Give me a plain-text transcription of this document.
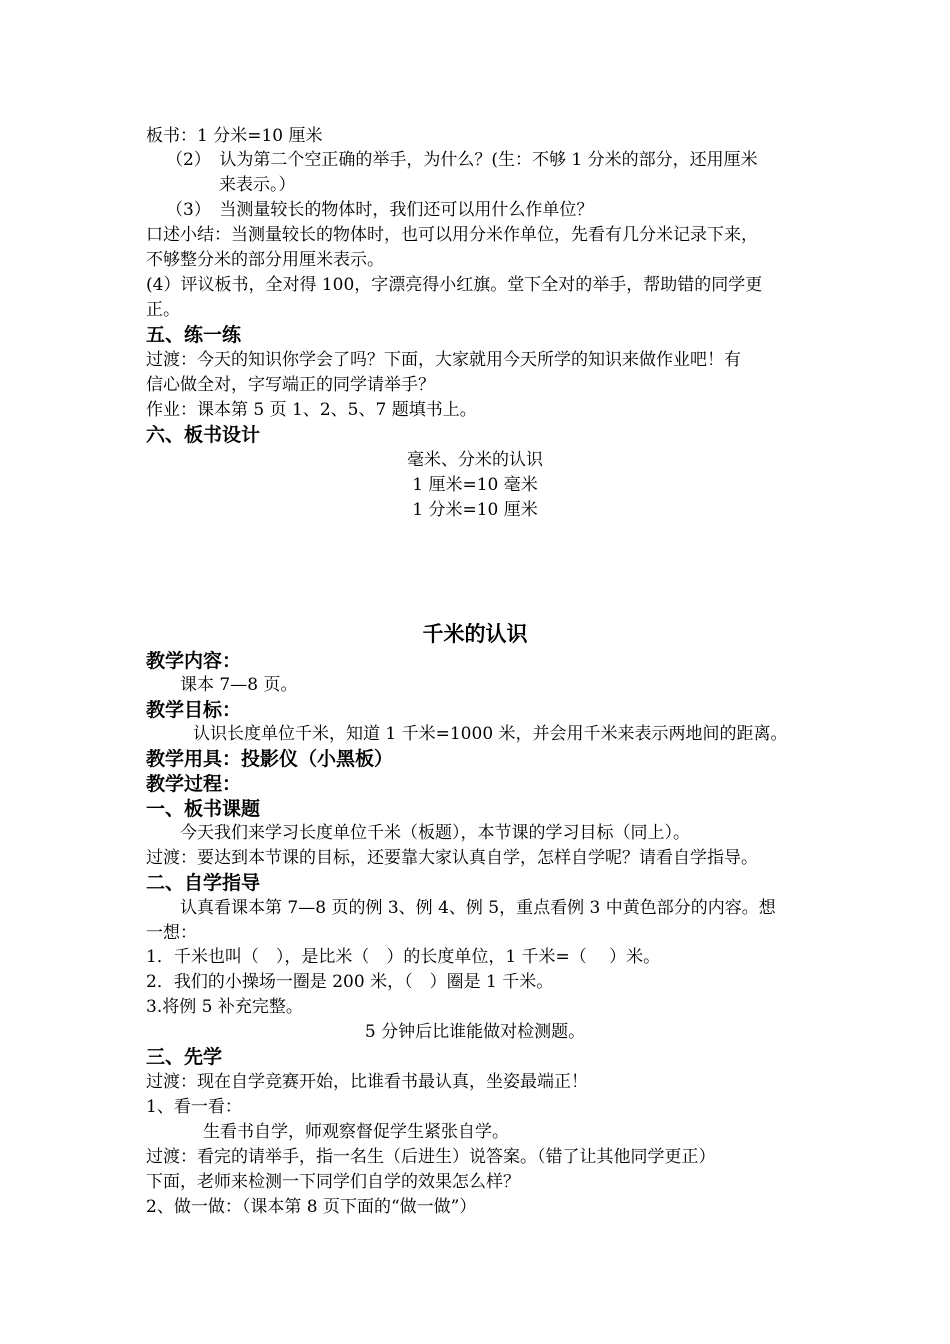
板书：1 分米=10 厘米
（2）　认为第二个空正确的举手，为什么？(生：不够 1 分米的部分，还用厘米
来表示。）
（3）　当测量较长的物体时，我们还可以用什么作单位？
口述小结：当测量较长的物体时，也可以用分米作单位，先看有几分米记录下来，
不够整分米的部分用厘米表示。
(4）评议板书，全对得 100，字漂亮得小红旗。堂下全对的举手，帮助错的同学更
正。
五、练一练
过渡：今天的知识你学会了吗？下面，大家就用今天所学的知识来做作业吧！有
信心做全对，字写端正的同学请举手？
作业：课本第 5 页 1、2、5、7 题填书上。
六、板书设计
毫米、分米的认识
1 厘米=10 毫米
1 分米=10 厘米
千米的认识
教学内容：
课本 7—8 页。
教学目标：
认识长度单位千米，知道 1 千米=1000 米，并会用千米来表示两地间的距离。
教学用具：投影仪（小黑板）
教学过程：
一、板书课题
今天我们来学习长度单位千米（板题），本节课的学习目标（同上）。
过渡：要达到本节课的目标，还要靠大家认真自学，怎样自学呢？请看自学指导。
二、自学指导
认真看课本第 7—8 页的例 3、例 4、例 5，重点看例 3 中黄色部分的内容。想
一想：
1．千米也叫（　），是比米（　）的长度单位，1 千米=（　 ）米。
2．我们的小操场一圈是 200 米，（　）圈是 1 千米。
3.将例 5 补充完整。
5 分钟后比谁能做对检测题。
三、先学
过渡：现在自学竞赛开始，比谁看书最认真，坐姿最端正！
1、看一看：
生看书自学，师观察督促学生紧张自学。
过渡：看完的请举手，指一名生（后进生）说答案。（错了让其他同学更正）
下面，老师来检测一下同学们自学的效果怎么样？
2、做一做：（课本第 8 页下面的“做一做”）
